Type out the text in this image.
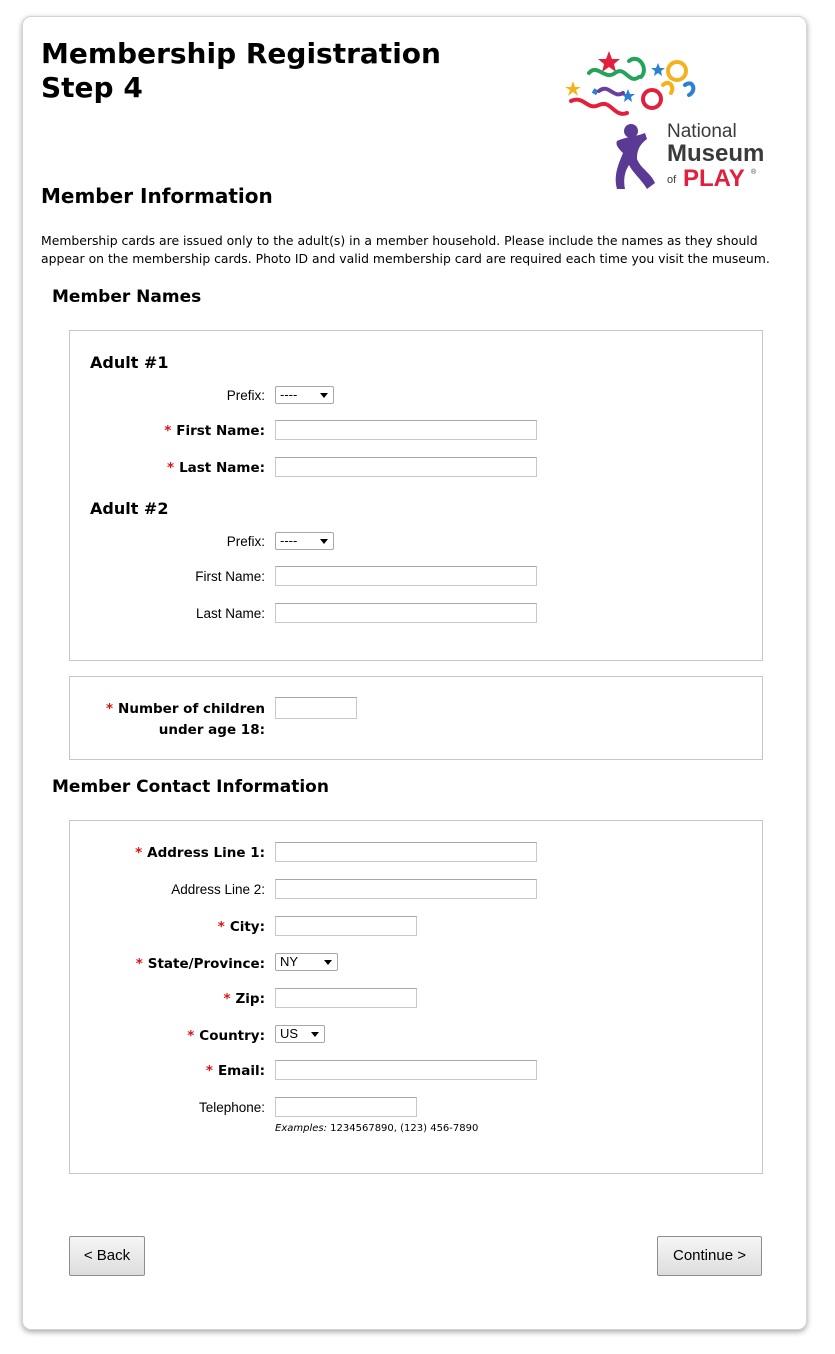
Membership Registration
Step 4
National
Museum
of PLAY ®
Member Information
Membership cards are issued only to the adult(s) in a member household. Please include the names as they should appear on the membership cards. Photo ID and valid membership card are required each time you visit the museum.
Member Names
Adult #1
Prefix:	----
* First Name:
* Last Name:
Adult #2
Prefix:	----
First Name:
Last Name:
* Number of children
under age 18:
Member Contact Information
* Address Line 1:
Address Line 2:
* City:
* State/Province:	NY
* Zip:
* Country:	US
* Email:
Telephone:
Examples: 1234567890, (123) 456-7890
< Back	Continue >
